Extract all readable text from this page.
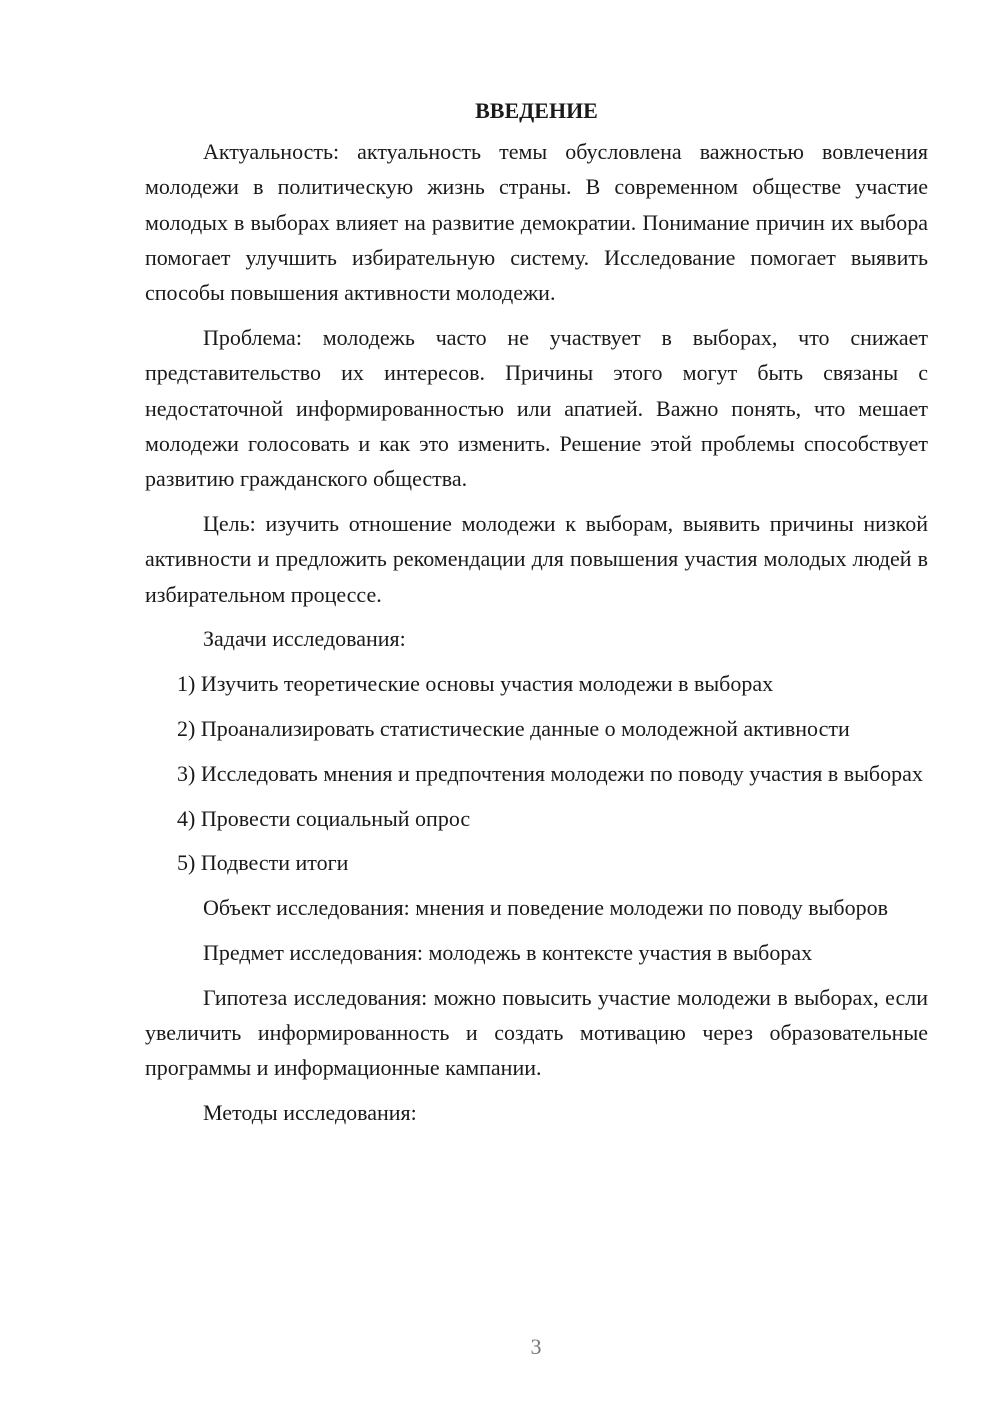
ВВЕДЕНИЕ

Актуальность: актуальность темы обусловлена важностью вовлечения молодежи в политическую жизнь страны. В современном обществе участие молодых в выборах влияет на развитие демократии. Понимание причин их выбора помогает улучшить избирательную систему. Исследование помогает выявить способы повышения активности молодежи.

Проблема: молодежь часто не участвует в выборах, что снижает представительство их интересов. Причины этого могут быть связаны с недостаточной информированностью или апатией. Важно понять, что мешает молодежи голосовать и как это изменить. Решение этой проблемы способствует развитию гражданского общества.

Цель: изучить отношение молодежи к выборам, выявить причины низкой активности и предложить рекомендации для повышения участия молодых людей в избирательном процессе.

Задачи исследования:

1) Изучить теоретические основы участия молодежи в выборах

2) Проанализировать статистические данные о молодежной активности

3) Исследовать мнения и предпочтения молодежи по поводу участия в выборах

4) Провести социальный опрос

5) Подвести итоги

Объект исследования: мнения и поведение молодежи по поводу выборов

Предмет исследования: молодежь в контексте участия в выборах

Гипотеза исследования: можно повысить участие молодежи в выборах, если увеличить информированность и создать мотивацию через образовательные программы и информационные кампании.

Методы исследования:

3
